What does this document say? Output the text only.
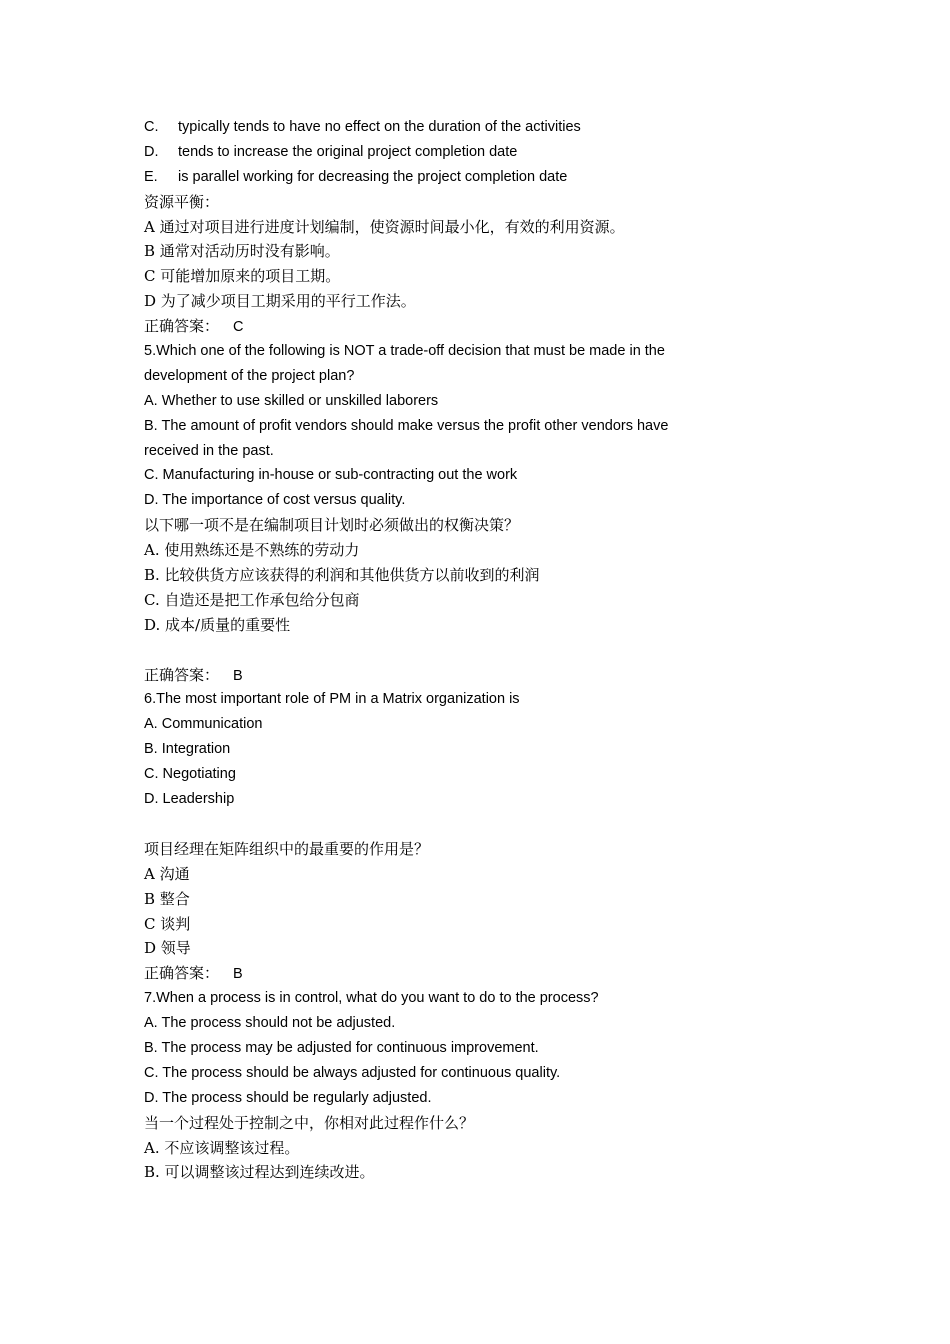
C. typically tends to have no effect on the duration of the activities
D. tends to increase the original project completion date
E. is parallel working for decreasing the project completion date
资源平衡：
A 通过对项目进行进度计划编制，使资源时间最小化，有效的利用资源。
B 通常对活动历时没有影响。
C 可能增加原来的项目工期。
D 为了减少项目工期采用的平行工作法。
正确答案： C
5.Which one of the following is NOT a trade-off decision that must be made in the
development of the project plan?
A. Whether to use skilled or unskilled laborers
B. The amount of profit vendors should make versus the profit other vendors have
received in the past.
C. Manufacturing in-house or sub-contracting out the work
D. The importance of cost versus quality.
以下哪一项不是在编制项目计划时必须做出的权衡决策？
A. 使用熟练还是不熟练的劳动力
B. 比较供货方应该获得的利润和其他供货方以前收到的利润
C. 自造还是把工作承包给分包商
D. 成本/质量的重要性
正确答案： B
6.The most important role of PM in a Matrix organization is
A. Communication
B. Integration
C. Negotiating
D. Leadership
项目经理在矩阵组织中的最重要的作用是？
A 沟通
B 整合
C 谈判
D 领导
正确答案： B
7.When a process is in control, what do you want to do to the process?
A. The process should not be adjusted.
B. The process may be adjusted for continuous improvement.
C. The process should be always adjusted for continuous quality.
D. The process should be regularly adjusted.
当一个过程处于控制之中，你相对此过程作什么？
A. 不应该调整该过程。
B. 可以调整该过程达到连续改进。
